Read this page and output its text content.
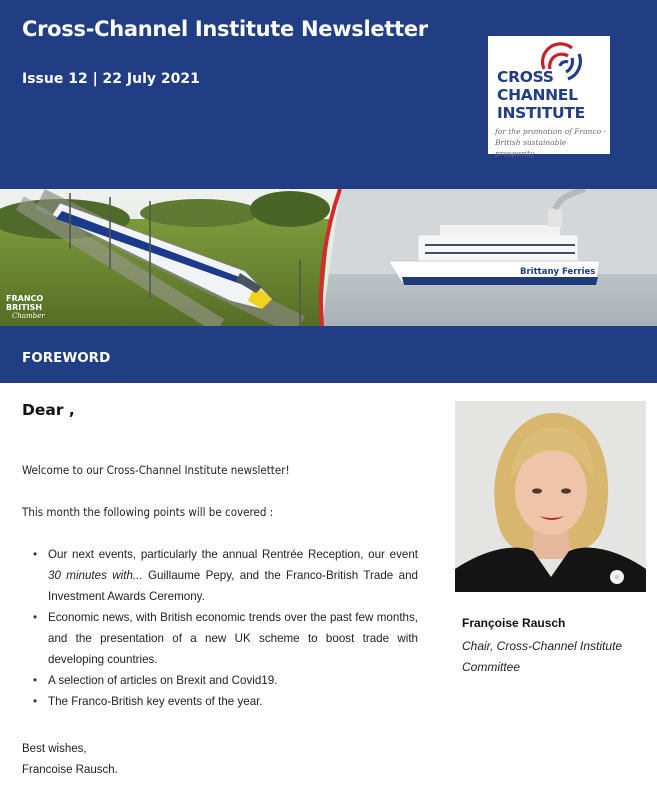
Cross-Channel Institute Newsletter
Issue 12 | 22 July 2021	CROSS
CHANNEL
INSTITUTE
for the promotion of Franco - British sustainable prosperity
Brittany Ferries
FRANCO
BRITISH
Chamber
FOREWORD
Dear ,
Welcome to our Cross-Channel Institute newsletter!
This month the following points will be covered :
• Our next events, particularly the annual Rentrée Reception, our event 30 minutes with... Guillaume Pepy, and the Franco-British Trade and Investment Awards Ceremony.
• Economic news, with British economic trends over the past few months, and the presentation of a new UK scheme to boost trade with developing countries.
• A selection of articles on Brexit and Covid19.
• The Franco-British key events of the year.
Best wishes,
Francoise Rausch.
Françoise Rausch
Chair, Cross-Channel Institute Committee
